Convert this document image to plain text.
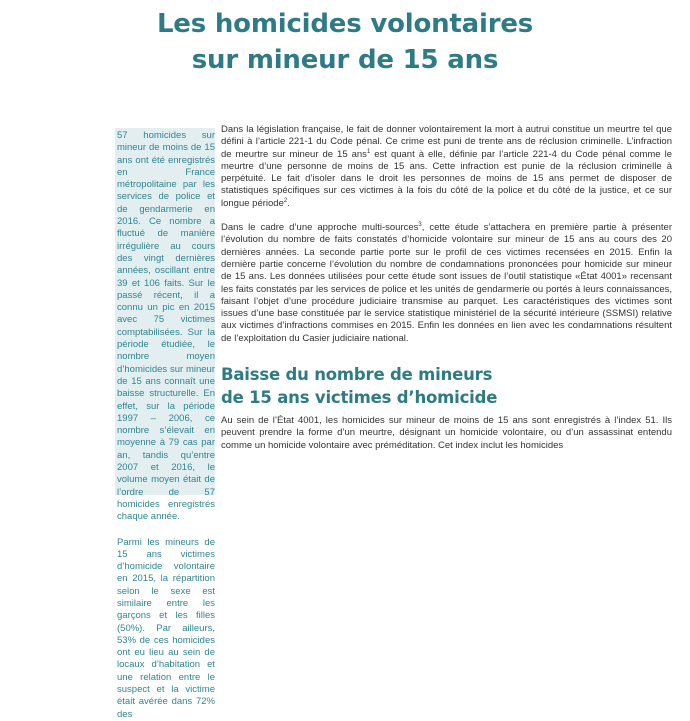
Les homicides volontaires
sur mineur de 15 ans

57 homicides sur mineur de moins de 15 ans ont été enregistrés en France métropolitaine par les services de police et de gendarmerie en 2016. Ce nombre a fluctué de manière irrégulière au cours des vingt dernières années, oscillant entre 39 et 106 faits. Sur le passé récent, il a connu un pic en 2015 avec 75 victimes comptabilisées. Sur la période étudiée, le nombre moyen d’homicides sur mineur de 15 ans connaît une baisse structurelle. En effet, sur la période 1997 – 2006, ce nombre s’élevait en moyenne à 79 cas par an, tandis qu’entre 2007 et 2016, le volume moyen était de l’ordre de 57 homicides enregistrés chaque année.

Parmi les mineurs de 15 ans victimes d’homicide volontaire en 2015, la répartition selon le sexe est similaire entre les garçons et les filles (50%). Par ailleurs, 53% de ces homicides ont eu lieu au sein de locaux d’habitation et une relation entre le suspect et la victime était avérée dans 72% des

Dans la législation française, le fait de donner volontairement la mort à autrui constitue un meurtre tel que défini à l’article 221-1 du Code pénal. Ce crime est puni de trente ans de réclusion criminelle. L’infraction de meurtre sur mineur de 15 ans$^1$ est quant à elle, définie par l’article 221-4 du Code pénal comme le meurtre d’une personne de moins de 15 ans. Cette infraction est punie de la réclusion criminelle à perpétuité. Le fait d’isoler dans le droit les personnes de moins de 15 ans permet de disposer de statistiques spécifiques sur ces victimes à la fois du côté de la police et du côté de la justice, et ce sur longue période$^2$.

Dans le cadre d’une approche multi-sources$^3$, cette étude s’attachera en première partie à présenter l’évolution du nombre de faits constatés d’homicide volontaire sur mineur de 15 ans au cours des 20 dernières années. La seconde partie porte sur le profil de ces victimes recensées en 2015. Enfin la dernière partie concerne l’évolution du nombre de condamnations prononcées pour homicide sur mineur de 15 ans. Les données utilisées pour cette étude sont issues de l’outil statistique «État 4001» recensant les faits constatés par les services de police et les unités de gendarmerie ou portés à leurs connaissances, faisant l’objet d’une procédure judiciaire transmise au parquet. Les caractéristiques des victimes sont issues d’une base constituée par le service statistique ministériel de la sécurité intérieure (SSMSI) relative aux victimes d’infractions commises en 2015. Enfin les données en lien avec les condamnations résultent de l’exploitation du Casier judiciaire national.

Baisse du nombre de mineurs
de 15 ans victimes d’homicide

Au sein de l’État 4001, les homicides sur mineur de moins de 15 ans sont enregistrés à l’index 51. Ils peuvent prendre la forme d’un meurtre, désignant un homicide volontaire, ou d’un assassinat entendu comme un homicide volontaire avec préméditation. Cet index inclut les homicides
